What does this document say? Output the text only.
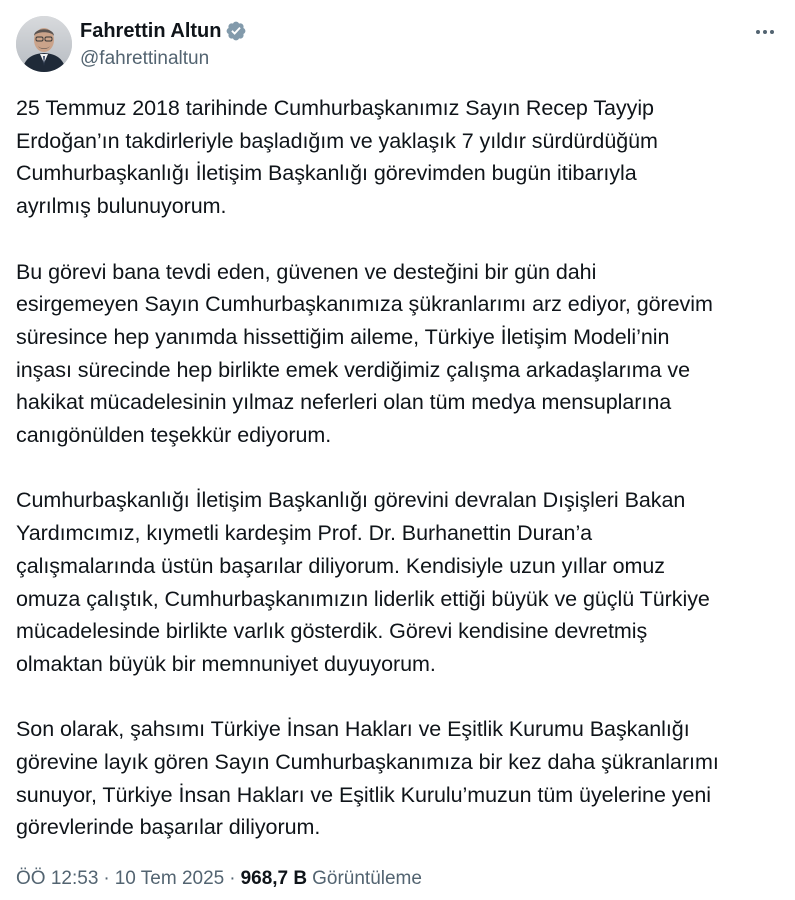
Fahrettin Altun
@fahrettinaltun

25 Temmuz 2018 tarihinde Cumhurbaşkanımız Sayın Recep Tayyip
Erdoğan’ın takdirleriyle başladığım ve yaklaşık 7 yıldır sürdürdüğüm
Cumhurbaşkanlığı İletişim Başkanlığı görevimden bugün itibarıyla
ayrılmış bulunuyorum.

Bu görevi bana tevdi eden, güvenen ve desteğini bir gün dahi
esirgemeyen Sayın Cumhurbaşkanımıza şükranlarımı arz ediyor, görevim
süresince hep yanımda hissettiğim aileme, Türkiye İletişim Modeli’nin
inşası sürecinde hep birlikte emek verdiğimiz çalışma arkadaşlarıma ve
hakikat mücadelesinin yılmaz neferleri olan tüm medya mensuplarına
canıgönülden teşekkür ediyorum.

Cumhurbaşkanlığı İletişim Başkanlığı görevini devralan Dışişleri Bakan
Yardımcımız, kıymetli kardeşim Prof. Dr. Burhanettin Duran’a
çalışmalarında üstün başarılar diliyorum. Kendisiyle uzun yıllar omuz
omuza çalıştık, Cumhurbaşkanımızın liderlik ettiği büyük ve güçlü Türkiye
mücadelesinde birlikte varlık gösterdik. Görevi kendisine devretmiş
olmaktan büyük bir memnuniyet duyuyorum.

Son olarak, şahsımı Türkiye İnsan Hakları ve Eşitlik Kurumu Başkanlığı
görevine layık gören Sayın Cumhurbaşkanımıza bir kez daha şükranlarımı
sunuyor, Türkiye İnsan Hakları ve Eşitlik Kurulu’muzun tüm üyelerine yeni
görevlerinde başarılar diliyorum.

ÖÖ 12:53 · 10 Tem 2025 · 968,7 B Görüntüleme
